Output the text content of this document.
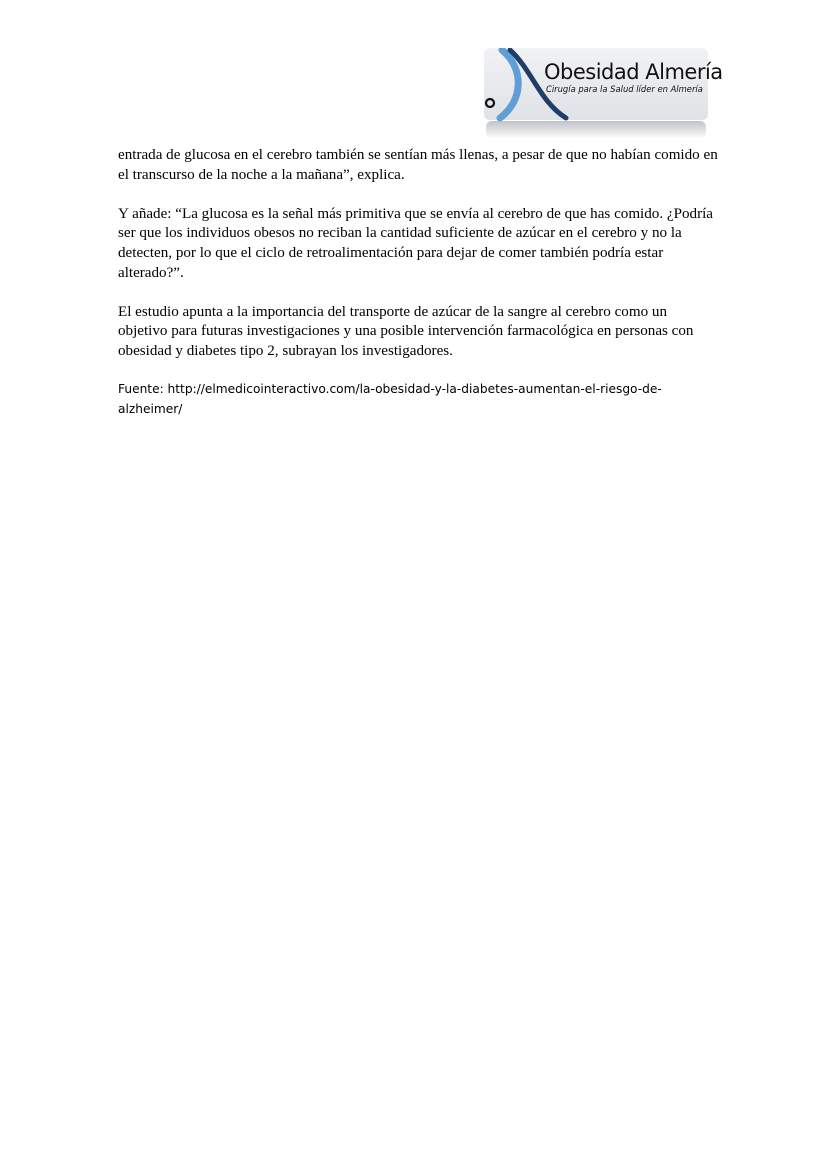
Obesidad Almería
Cirugía para la Salud líder en Almería

entrada de glucosa en el cerebro también se sentían más llenas, a pesar de que no habían comido en el transcurso de la noche a la mañana”, explica.

Y añade: “La glucosa es la señal más primitiva que se envía al cerebro de que has comido. ¿Podría ser que los individuos obesos no reciban la cantidad suficiente de azúcar en el cerebro y no la detecten, por lo que el ciclo de retroalimentación para dejar de comer también podría estar alterado?”.

El estudio apunta a la importancia del transporte de azúcar de la sangre al cerebro como un objetivo para futuras investigaciones y una posible intervención farmacológica en personas con obesidad y diabetes tipo 2, subrayan los investigadores.

Fuente: http://elmedicointeractivo.com/la-obesidad-y-la-diabetes-aumentan-el-riesgo-de-alzheimer/
